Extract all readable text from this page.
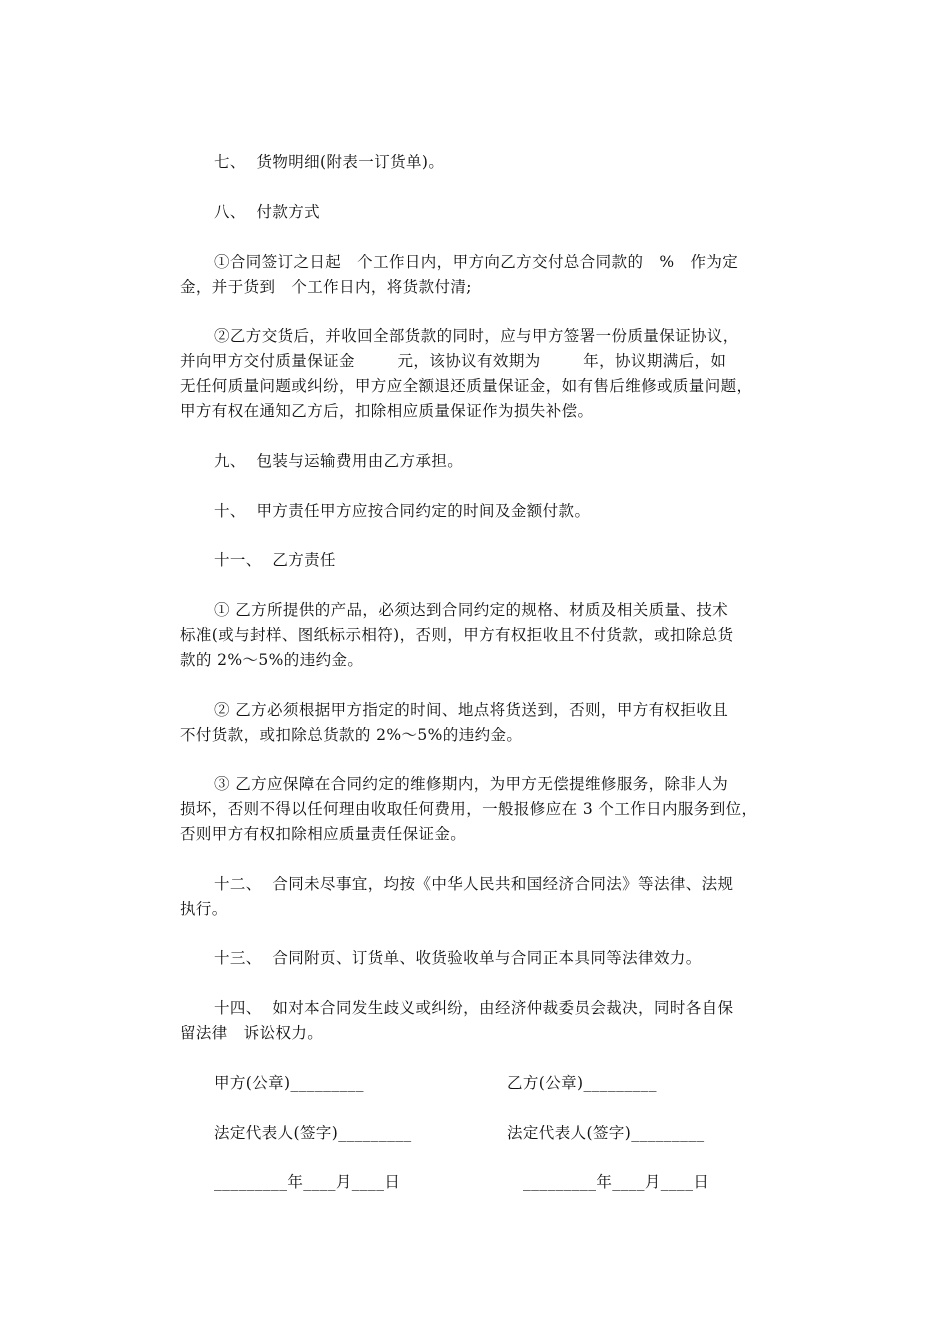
七、  货物明细(附表一订货单)。
八、  付款方式
①合同签订之日起   个工作日内，甲方向乙方交付总合同款的   %   作为定
金，并于货到   个工作日内，将货款付清;
②乙方交货后，并收回全部货款的同时，应与甲方签署一份质量保证协议，
并向甲方交付质量保证金        元，该协议有效期为        年，协议期满后，如
无任何质量问题或纠纷，甲方应全额退还质量保证金，如有售后维修或质量问题，
甲方有权在通知乙方后，扣除相应质量保证作为损失补偿。
九、  包装与运输费用由乙方承担。
十、  甲方责任甲方应按合同约定的时间及金额付款。
十一、  乙方责任
① 乙方所提供的产品，必须达到合同约定的规格、材质及相关质量、技术
标准(或与封样、图纸标示相符)，否则，甲方有权拒收且不付货款，或扣除总货
款的 2%～5%的违约金。
② 乙方必须根据甲方指定的时间、地点将货送到，否则，甲方有权拒收且
不付货款，或扣除总货款的 2%～5%的违约金。
③ 乙方应保障在合同约定的维修期内，为甲方无偿提维修服务，除非人为
损坏，否则不得以任何理由收取任何费用，一般报修应在 3 个工作日内服务到位，
否则甲方有权扣除相应质量责任保证金。
十二、  合同未尽事宜，均按《中华人民共和国经济合同法》等法律、法规
执行。
十三、  合同附页、订货单、收货验收单与合同正本具同等法律效力。
十四、  如对本合同发生歧义或纠纷，由经济仲裁委员会裁决，同时各自保
留法律   诉讼权力。
甲方(公章)_________	乙方(公章)_________
法定代表人(签字)_________	法定代表人(签字)_________
_________年____月____日	_________年____月____日
